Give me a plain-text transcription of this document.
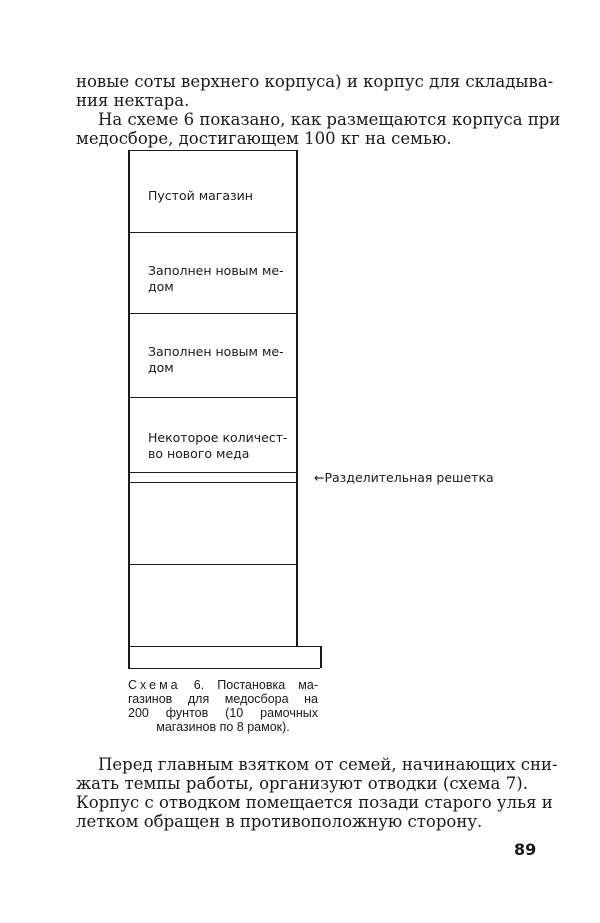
новые соты верхнего корпуса) и корпус для складыва-
ния нектара.
На схеме 6 показано, как размещаются корпуса при
медосборе, достигающем 100 кг на семью.
Пустой магазин
Заполнен новым ме-
дом
Заполнен новым ме-
дом
Некоторое количест-
во нового меда
←Разделительная решетка
Схема 6. Постановка ма-
газинов для медосбора на
200 фунтов (10 рамочных
магазинов по 8 рамок).
Перед главным взятком от семей, начинающих сни-
жать темпы работы, организуют отводки (схема 7).
Корпус с отводком помещается позади старого улья и
летком обращен в противоположную сторону.
89
